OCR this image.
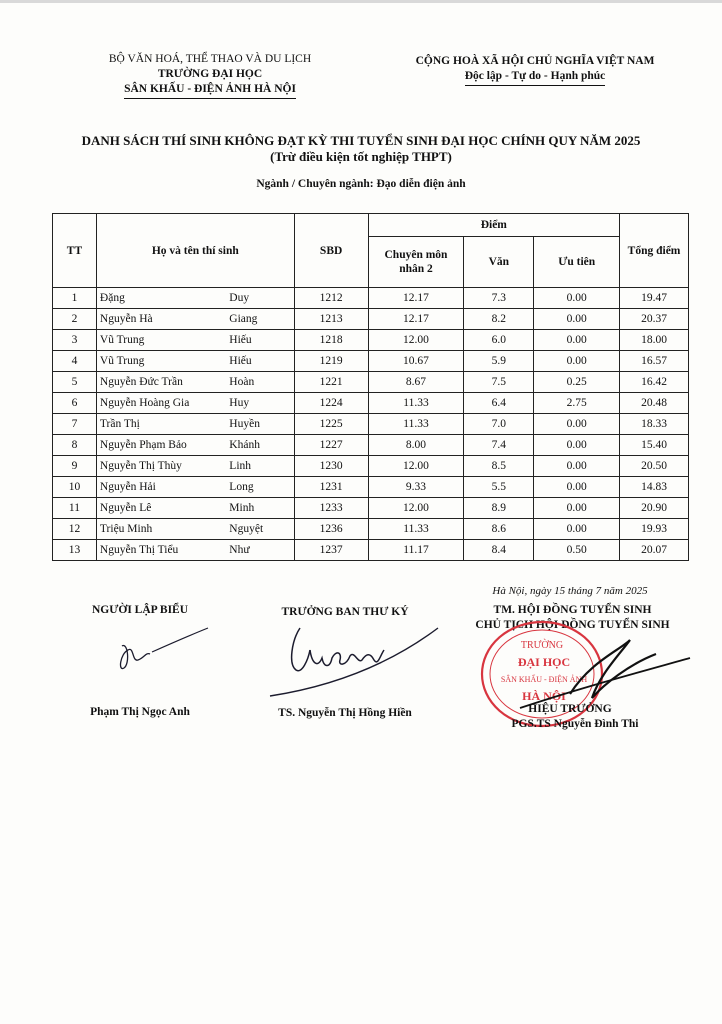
BỘ VĂN HOÁ, THỂ THAO VÀ DU LỊCH
TRƯỜNG ĐẠI HỌC
SÂN KHẤU - ĐIỆN ẢNH HÀ NỘI
CỘNG HOÀ XÃ HỘI CHỦ NGHĨA VIỆT NAM
Độc lập - Tự do - Hạnh phúc
DANH SÁCH THÍ SINH KHÔNG ĐẠT KỲ THI TUYỂN SINH ĐẠI HỌC CHÍNH QUY NĂM 2025
(Trừ điều kiện tốt nghiệp THPT)
Ngành / Chuyên ngành: Đạo diễn điện ảnh
TT	Họ và tên thí sinh		SBD	Điểm			Tổng điểm
				Chuyên môn nhân 2	Văn	Ưu tiên	
1	Đặng	Duy	1212	12.17	7.3	0.00	19.47
2	Nguyễn Hà	Giang	1213	12.17	8.2	0.00	20.37
3	Vũ Trung	Hiếu	1218	12.00	6.0	0.00	18.00
4	Vũ Trung	Hiếu	1219	10.67	5.9	0.00	16.57
5	Nguyễn Đức Trần	Hoàn	1221	8.67	7.5	0.25	16.42
6	Nguyễn Hoàng Gia	Huy	1224	11.33	6.4	2.75	20.48
7	Trần Thị	Huyền	1225	11.33	7.0	0.00	18.33
8	Nguyễn Phạm Bảo	Khánh	1227	8.00	7.4	0.00	15.40
9	Nguyễn Thị Thùy	Linh	1230	12.00	8.5	0.00	20.50
10	Nguyễn Hải	Long	1231	9.33	5.5	0.00	14.83
11	Nguyễn Lê	Minh	1233	12.00	8.9	0.00	20.90
12	Triệu Minh	Nguyệt	1236	11.33	8.6	0.00	19.93
13	Nguyễn Thị Tiểu	Như	1237	11.17	8.4	0.50	20.07
Hà Nội, ngày 15 tháng 7 năm 2025
NGƯỜI LẬP BIỂU
Phạm Thị Ngọc Anh
TRƯỞNG BAN THƯ KÝ
TS. Nguyễn Thị Hồng Hiền
TM. HỘI ĐỒNG TUYỂN SINH
CHỦ TỊCH HỘI ĐỒNG TUYỂN SINH
TRƯỜNG
ĐẠI HỌC
SÂN KHẤU - ĐIỆN ẢNH
HÀ NỘI
HIỆU TRƯỞNG
PGS.TS Nguyễn Đình Thi
